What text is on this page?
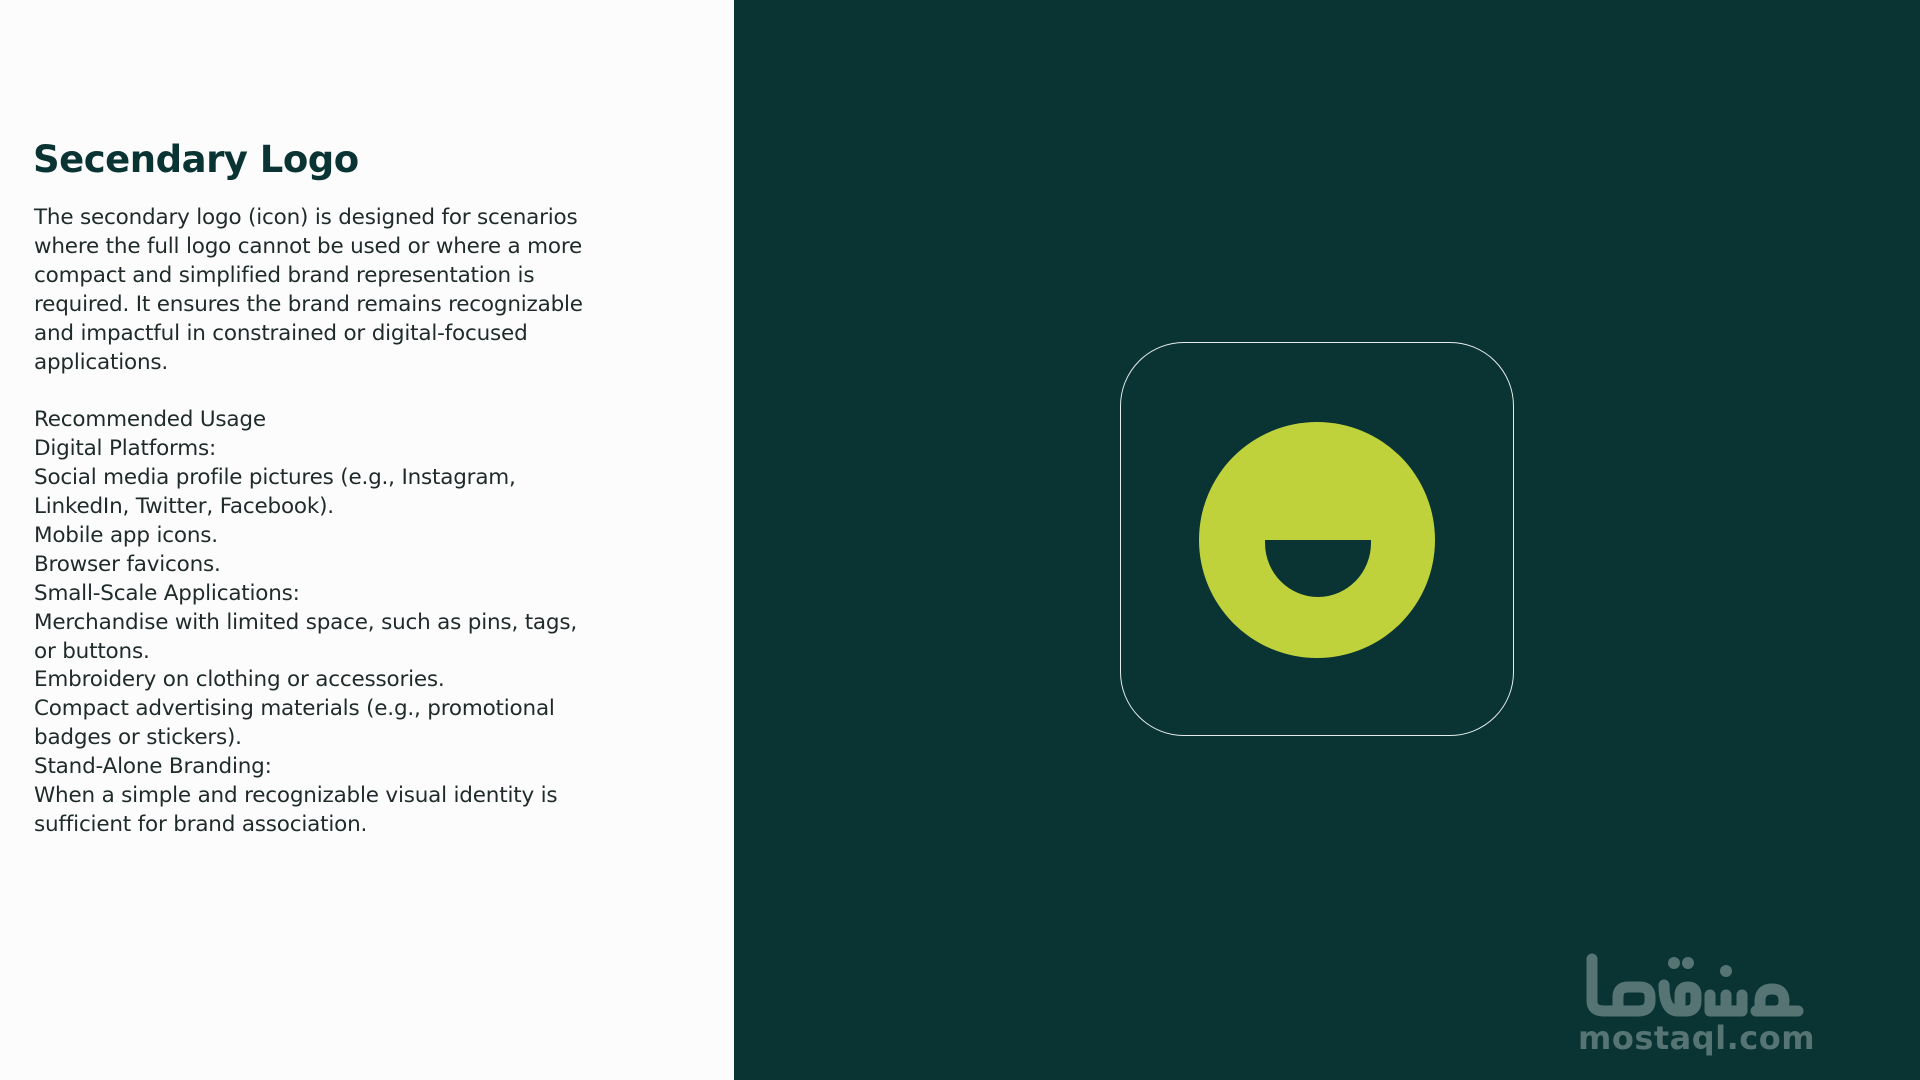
Secendary Logo

The secondary logo (icon) is designed for scenarios
where the full logo cannot be used or where a more
compact and simplified brand representation is
required. It ensures the brand remains recognizable
and impactful in constrained or digital-focused
applications.

Recommended Usage
Digital Platforms:
Social media profile pictures (e.g., Instagram,
LinkedIn, Twitter, Facebook).
Mobile app icons.
Browser favicons.
Small-Scale Applications:
Merchandise with limited space, such as pins, tags,
or buttons.
Embroidery on clothing or accessories.
Compact advertising materials (e.g., promotional
badges or stickers).
Stand-Alone Branding:
When a simple and recognizable visual identity is
sufficient for brand association.

mostaql.com
